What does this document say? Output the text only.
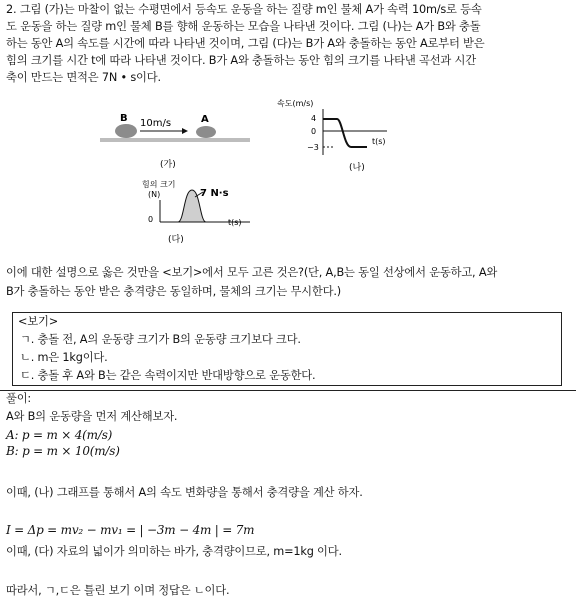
2. 그림 (가)는 마찰이 없는 수평면에서 등속도 운동을 하는 질량 m인 물체 A가 속력 10m/s로 등속
도 운동을 하는 질량 m인 물체 B를 향해 운동하는 모습을 나타낸 것이다. 그림 (나)는 A가 B와 충돌
하는 동안 A의 속도를 시간에 따라 나타낸 것이며, 그림 (다)는 B가 A와 충돌하는 동안 A로부터 받은
힘의 크기를 시간 t에 따라 나타낸 것이다. B가 A와 충돌하는 동안 힘의 크기를 나타낸 곡선과 시간
축이 만드는 면적은 7N • s이다.
B	A
10m/s
(가)
속도(m/s)
4
0
−3
t(s)
(나)
힘의 크기
(N)
0
7 N·s
t(s)
(다)
이에 대한 설명으로 옳은 것만을 <보기>에서 모두 고른 것은?(단, A,B는 동일 선상에서 운동하고, A와
B가 충돌하는 동안 받은 충격량은 동일하며, 물체의 크기는 무시한다.)
<보기>
ㄱ. 충돌 전, A의 운동량 크기가 B의 운동량 크기보다 크다.
ㄴ. m은 1kg이다.
ㄷ. 충돌 후 A와 B는 같은 속력이지만 반대방향으로 운동한다.
풀이:
A와 B의 운동량을 먼저 계산해보자.
A: p = m × 4(m/s)
B: p = m × 10(m/s)
이때, (나) 그래프를 통해서 A의 속도 변화량을 통해서 충격량을 계산 하자.
I = Δp = mv₂ − mv₁ = | −3m − 4m | = 7m
이때, (다) 자료의 넓이가 의미하는 바가, 충격량이므로, m=1kg 이다.
따라서, ㄱ,ㄷ은 틀린 보기 이며 정답은 ㄴ이다.
